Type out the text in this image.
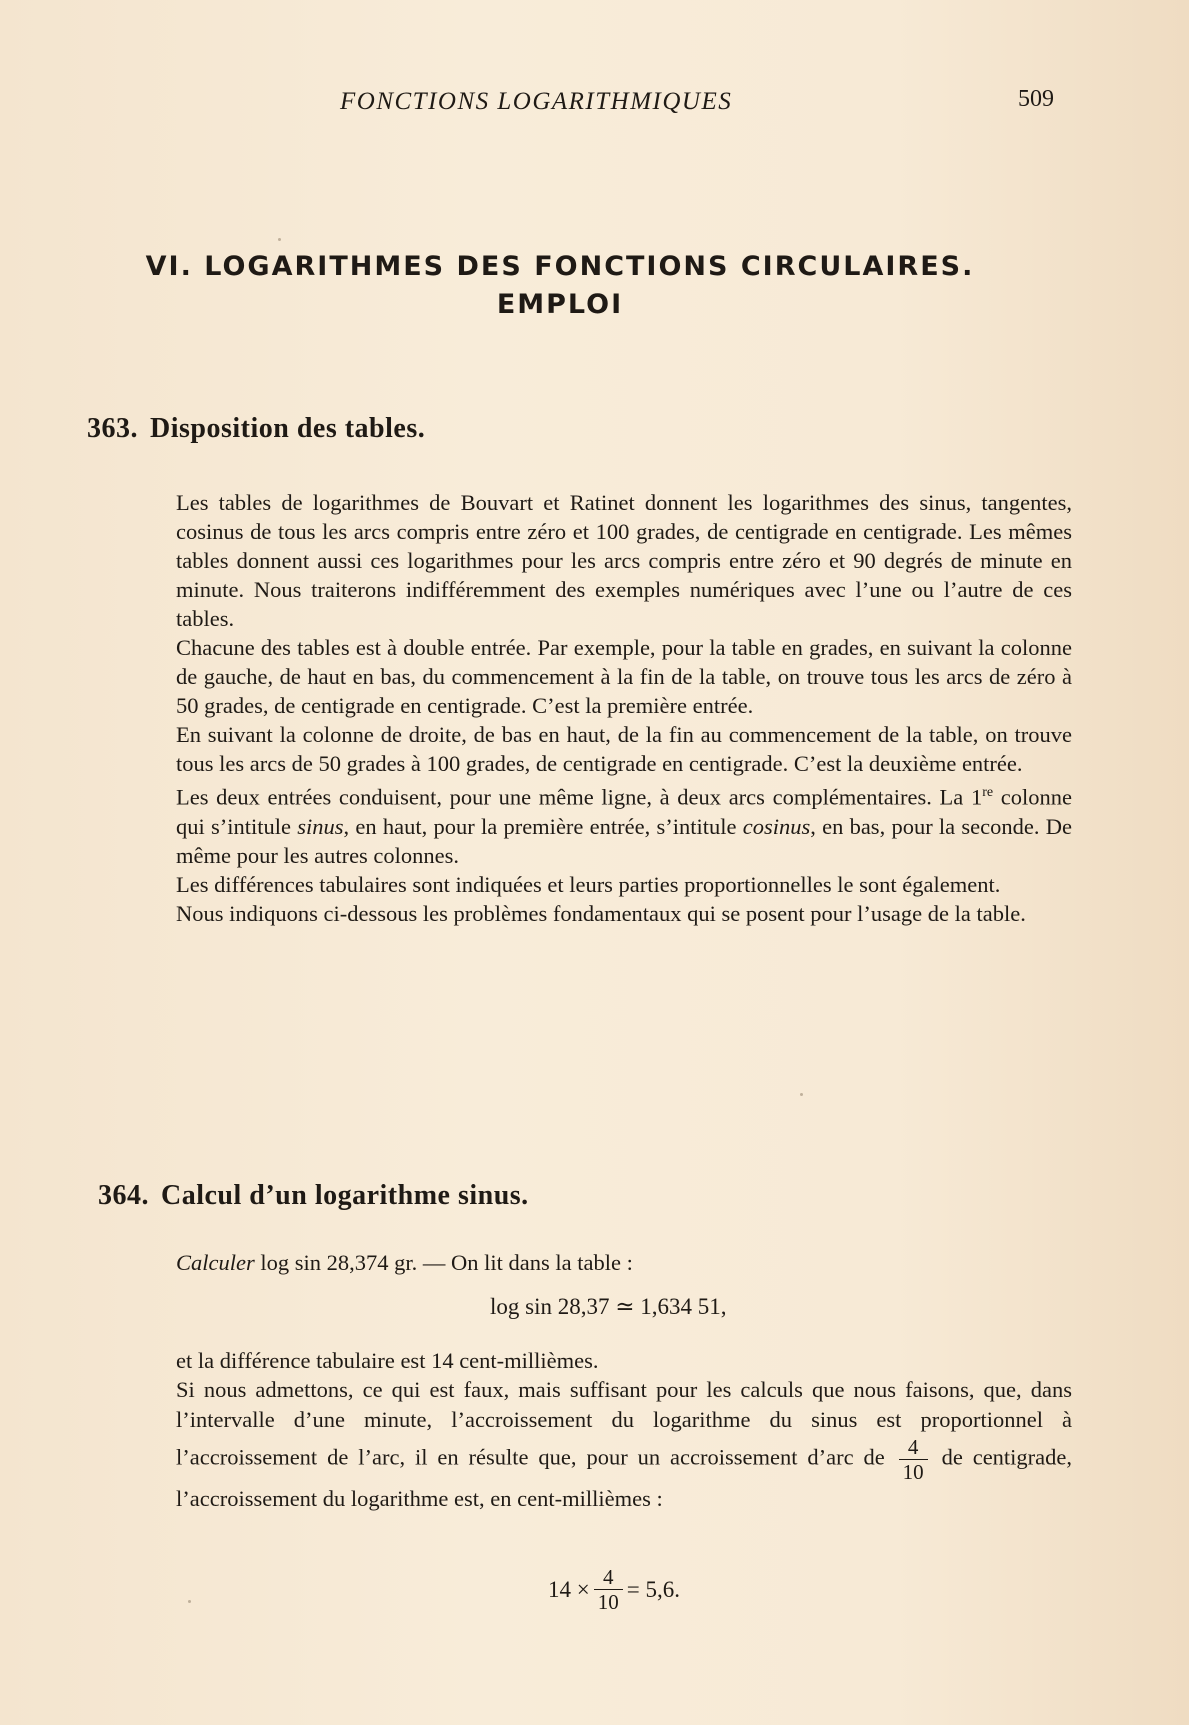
FONCTIONS LOGARITHMIQUES	509
VI. LOGARITHMES DES FONCTIONS CIRCULAIRES.
EMPLOI
363. Disposition des tables.

Les tables de logarithmes de Bouvart et Ratinet donnent les logarithmes des sinus, tangentes, cosinus de tous les arcs compris entre zéro et 100 grades, de centigrade en centigrade. Les mêmes tables donnent aussi ces logarithmes pour les arcs compris entre zéro et 90 degrés de minute en minute. Nous traiterons indifféremment des exemples numériques avec l’une ou l’autre de ces tables.

Chacune des tables est à double entrée. Par exemple, pour la table en grades, en suivant la colonne de gauche, de haut en bas, du commencement à la fin de la table, on trouve tous les arcs de zéro à 50 grades, de centigrade en centigrade. C’est la première entrée.

En suivant la colonne de droite, de bas en haut, de la fin au commencement de la table, on trouve tous les arcs de 50 grades à 100 grades, de centigrade en centigrade. C’est la deuxième entrée.

Les deux entrées conduisent, pour une même ligne, à deux arcs complémentaires. La 1re colonne qui s’intitule sinus, en haut, pour la première entrée, s’intitule cosinus, en bas, pour la seconde. De même pour les autres colonnes.

Les différences tabulaires sont indiquées et leurs parties proportionnelles le sont également.

Nous indiquons ci-dessous les problèmes fondamentaux qui se posent pour l’usage de la table.

364. Calcul d’un logarithme sinus.

Calculer log sin 28,374 gr. — On lit dans la table :

log sin 28,37 ≃ 1,634 51,

et la différence tabulaire est 14 cent-millièmes.

Si nous admettons, ce qui est faux, mais suffisant pour les calculs que nous faisons, que, dans l’intervalle d’une minute, l’accroissement du logarithme du sinus est proportionnel à l’accroissement de l’arc, il en résulte que, pour un accroissement d’arc de $\frac{4}{10}$ de centigrade, l’accroissement du logarithme est, en cent-millièmes :

$14 \times \frac{4}{10} = 5,6$.
